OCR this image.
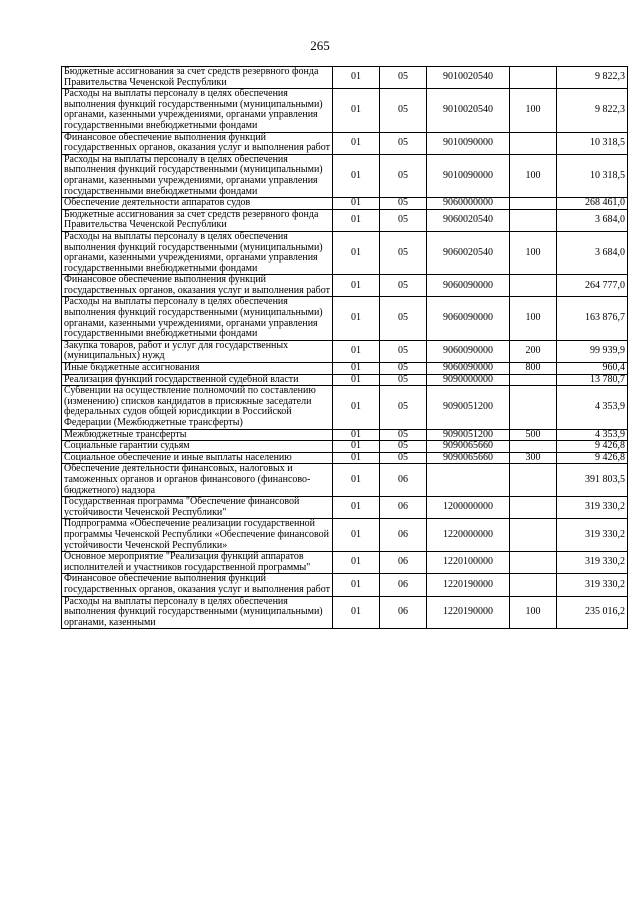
265
Бюджетные ассигнования за счет средств резервного фонда Правительства Чеченской Республики	01	05	9010020540		9 822,3
Расходы на выплаты персоналу в целях обеспечения выполнения функций государственными (муниципальными) органами, казенными учреждениями, органами управления государственными внебюджетными фондами	01	05	9010020540	100	9 822,3
Финансовое обеспечение выполнения функций государственных органов, оказания услуг и выполнения работ	01	05	9010090000		10 318,5
Расходы на выплаты персоналу в целях обеспечения выполнения функций государственными (муниципальными) органами, казенными учреждениями, органами управления государственными внебюджетными фондами	01	05	9010090000	100	10 318,5
Обеспечение деятельности аппаратов судов	01	05	9060000000		268 461,0
Бюджетные ассигнования за счет средств резервного фонда Правительства Чеченской Республики	01	05	9060020540		3 684,0
Расходы на выплаты персоналу в целях обеспечения выполнения функций государственными (муниципальными) органами, казенными учреждениями, органами управления государственными внебюджетными фондами	01	05	9060020540	100	3 684,0
Финансовое обеспечение выполнения функций государственных органов, оказания услуг и выполнения работ	01	05	9060090000		264 777,0
Расходы на выплаты персоналу в целях обеспечения выполнения функций государственными (муниципальными) органами, казенными учреждениями, органами управления государственными внебюджетными фондами	01	05	9060090000	100	163 876,7
Закупка товаров, работ и услуг для государственных (муниципальных) нужд	01	05	9060090000	200	99 939,9
Иные бюджетные ассигнования	01	05	9060090000	800	960,4
Реализация функций государственной судебной власти	01	05	9090000000		13 780,7
Субвенции на осуществление полномочий по составлению (изменению) списков кандидатов в присяжные заседатели федеральных судов общей юрисдикции в Российской Федерации (Межбюджетные трансферты)	01	05	9090051200		4 353,9
Межбюджетные трансферты	01	05	9090051200	500	4 353,9
Социальные гарантии судьям	01	05	9090065660		9 426,8
Социальное обеспечение и иные выплаты населению	01	05	9090065660	300	9 426,8
Обеспечение деятельности финансовых, налоговых и таможенных органов и органов финансового (финансово-бюджетного) надзора	01	06			391 803,5
Государственная программа "Обеспечение финансовой устойчивости Чеченской Республики"	01	06	1200000000		319 330,2
Подпрограмма «Обеспечение реализации государственной программы Чеченской Республики «Обеспечение финансовой устойчивости Чеченской Республики»	01	06	1220000000		319 330,2
Основное мероприятие "Реализация функций аппаратов исполнителей и участников государственной программы"	01	06	1220100000		319 330,2
Финансовое обеспечение выполнения функций государственных органов, оказания услуг и выполнения работ	01	06	1220190000		319 330,2
Расходы на выплаты персоналу в целях обеспечения выполнения функций государственными (муниципальными) органами, казенными	01	06	1220190000	100	235 016,2
